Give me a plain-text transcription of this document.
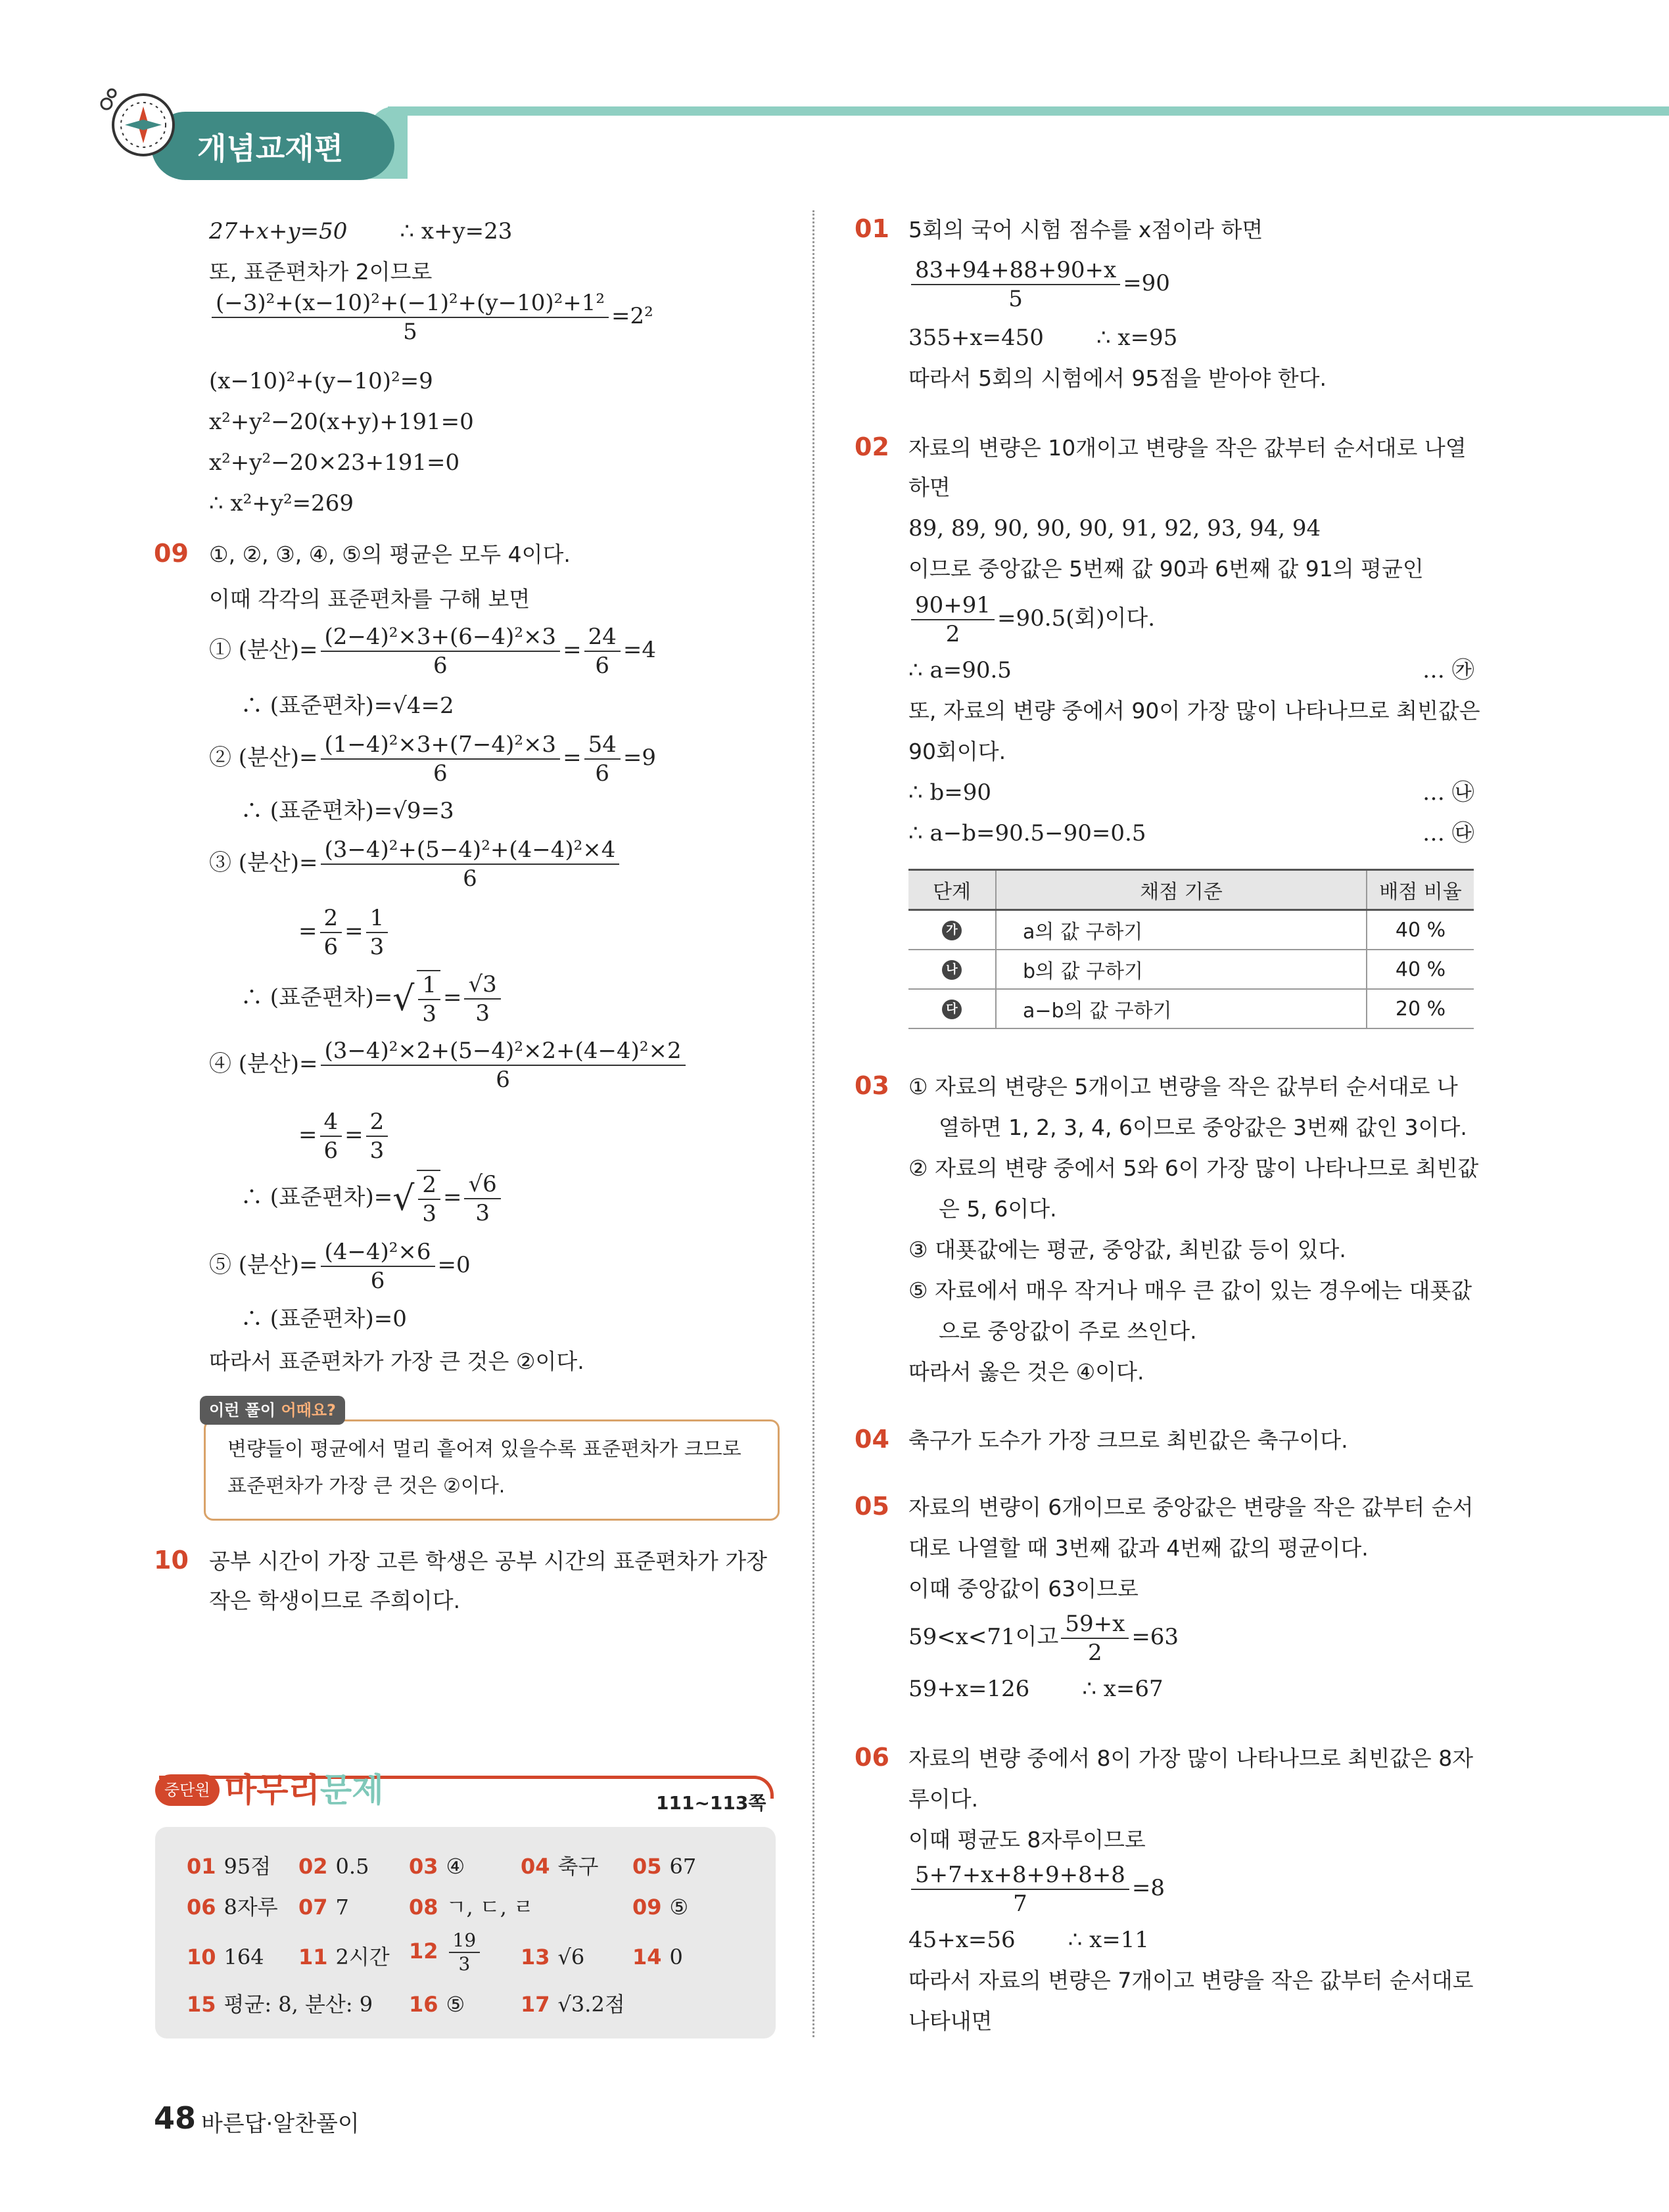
개념교재편
27+x+y=50 ∴ x+y=23
또, 표준편차가 2이므로
$\frac{\text{(−3)²+(x−10)²+(−1)²+(y−10)²+1²}}{5} =2^2$
(x−10)²+(y−10)²=9
x²+y²−20(x+y)+191=0
x²+y²−20×23+191=0
∴ x²+y²=269
09 ①, ②, ③, ④, ⑤의 평균은 모두 4이다.
이때 각각의 표준편차를 구해 보면
① (분산)= $\frac{\text{(2−4)²×3+(6−4)²×3}}{6} = \frac{24}{6} =4$
∴ (표준편차)=√4=2
② (분산)= $\frac{\text{(1−4)²×3+(7−4)²×3}}{6} = \frac{54}{6} =9$
∴ (표준편차)=√9=3
③ (분산)= $\frac{\text{(3−4)²+(5−4)²+(4−4)²×4}}{6}$
= $\frac{2}{6} = \frac{1}{3}$
∴ (표준편차)=√ $\frac{1}{3} = \frac{√3}{3}$
④ (분산)= $\frac{\text{(3−4)²×2+(5−4)²×2+(4−4)²×2}}{6}$
= $\frac{4}{6} = \frac{2}{3}$
∴ (표준편차)=√ $\frac{2}{3} = \frac{√6}{3}$
⑤ (분산)= $\frac{\text{(4−4)²×6}}{6} =0$
∴ (표준편차)=0
따라서 표준편차가 가장 큰 것은 ②이다.
이런 풀이 어때요?
변량들이 평균에서 멀리 흩어져 있을수록 표준편차가 크므로
표준편차가 가장 큰 것은 ②이다.
10 공부 시간이 가장 고른 학생은 공부 시간의 표준편차가 가장
작은 학생이므로 주희이다.
중단원 마무리문제	111~113쪽
01 95점 02 0.5 03 ④	04 축구 05 67
06 8자루 07 7	08 ㄱ, ㄷ, ㄹ	09 ⑤
10 164 11 2시간 $12 \frac{19}{3} 13$ √6 14 0
15 평균: 8, 분산: 9 16 ⑤	17 √3.2점
01 5회의 국어 시험 점수를 x점이라 하면
$\frac{83+94+88+90+x}{5} =90$
355+x=450 ∴ x=95
따라서 5회의 시험에서 95점을 받아야 한다.
02 자료의 변량은 10개이고 변량을 작은 값부터 순서대로 나열
하면
89, 89, 90, 90, 90, 91, 92, 93, 94, 94
이므로 중앙값은 5번째 값 90과 6번째 값 91의 평균인
$\frac{90+91}{2} =90.5$(회)이다.
∴ a=90.5	… ㉮
또, 자료의 변량 중에서 90이 가장 많이 나타나므로 최빈값은
90회이다.
∴ b=90	… ㉯
∴ a−b=90.5−90=0.5	… ㉰
단계	채점 기준	배점 비율
가	a의 값 구하기	40 %
나	b의 값 구하기	40 %
다	a−b의 값 구하기	20 %
03 ① 자료의 변량은 5개이고 변량을 작은 값부터 순서대로 나
열하면 1, 2, 3, 4, 6이므로 중앙값은 3번째 값인 3이다.
② 자료의 변량 중에서 5와 6이 가장 많이 나타나므로 최빈값
은 5, 6이다.
③ 대푯값에는 평균, 중앙값, 최빈값 등이 있다.
⑤ 자료에서 매우 작거나 매우 큰 값이 있는 경우에는 대푯값
으로 중앙값이 주로 쓰인다.
따라서 옳은 것은 ④이다.
04 축구가 도수가 가장 크므로 최빈값은 축구이다.
05 자료의 변량이 6개이므로 중앙값은 변량을 작은 값부터 순서
대로 나열할 때 3번째 값과 4번째 값의 평균이다.
이때 중앙값이 63이므로
59<x<71이고 $\frac{59+x}{2} =63$
59+x=126 ∴ x=67
06 자료의 변량 중에서 8이 가장 많이 나타나므로 최빈값은 8자
루이다.
이때 평균도 8자루이므로
$\frac{5+7+x+8+9+8+8}{7} =8$
45+x=56 ∴ x=11
따라서 자료의 변량은 7개이고 변량을 작은 값부터 순서대로
나타내면
48 바른답·알찬풀이
